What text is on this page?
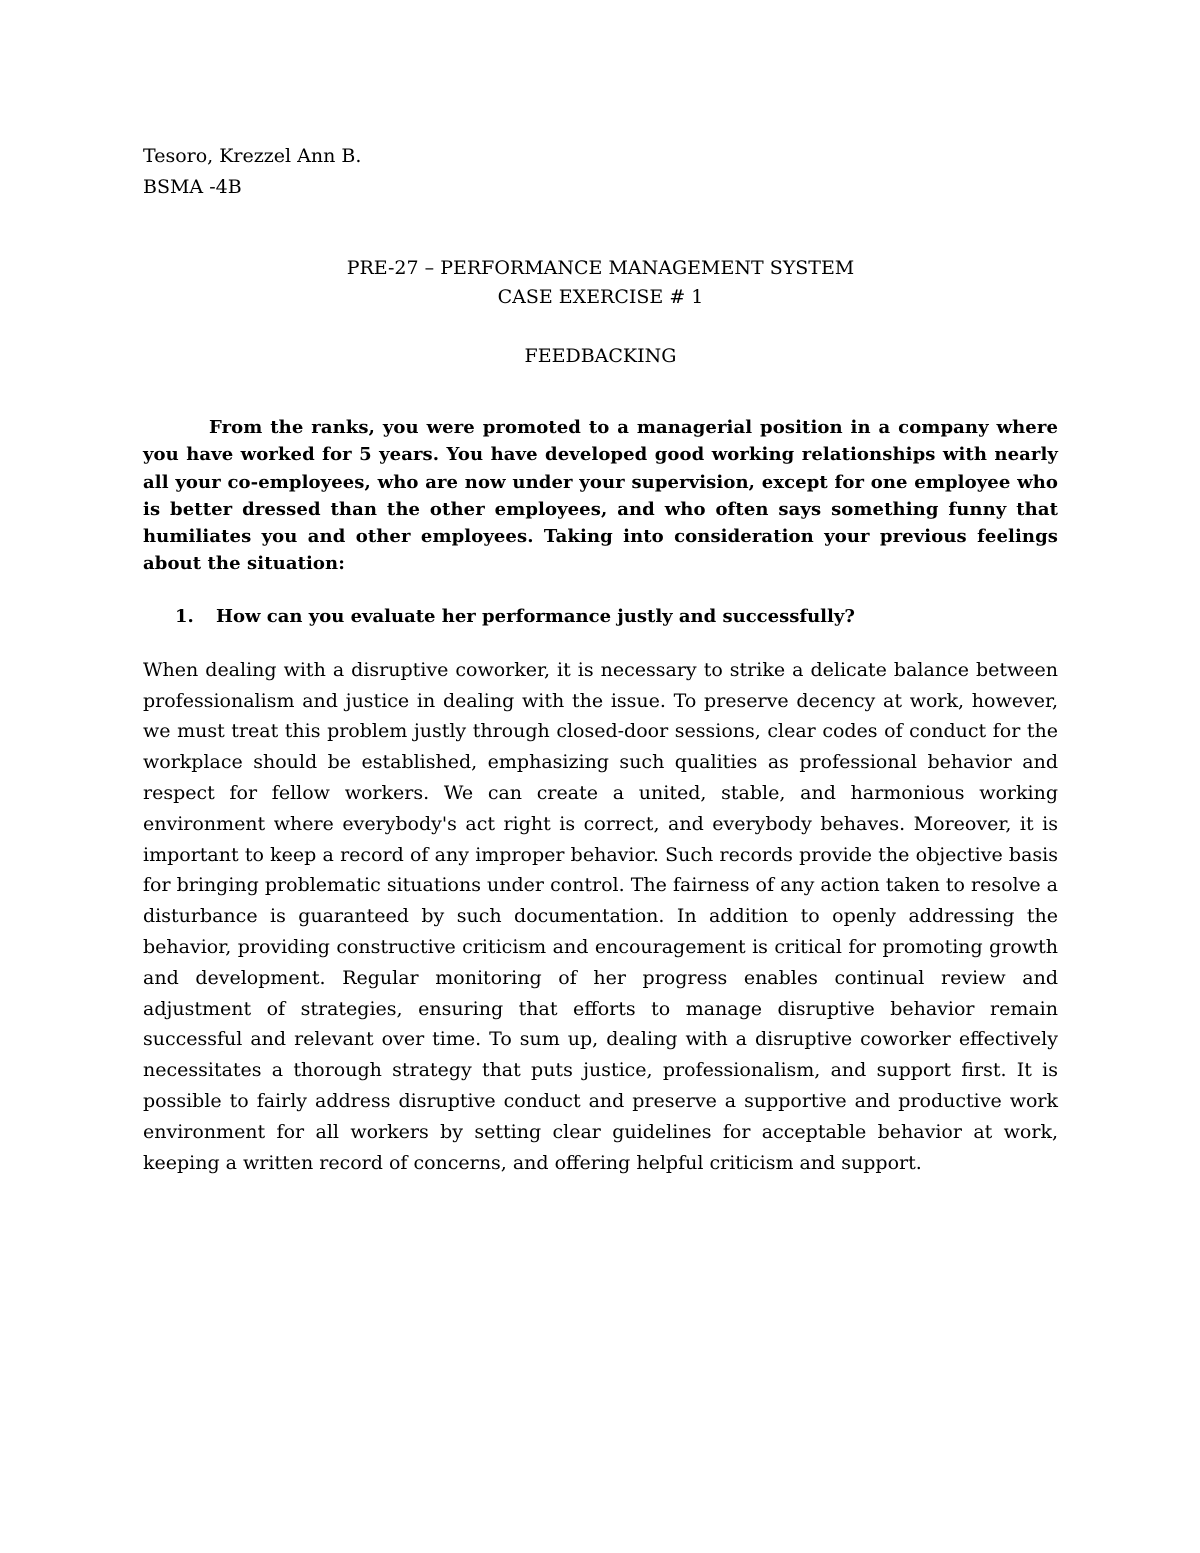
Tesoro, Krezzel Ann B.

BSMA -4B

PRE-27 – PERFORMANCE MANAGEMENT SYSTEM

CASE EXERCISE # 1

FEEDBACKING

From the ranks, you were promoted to a managerial position in a company where you have worked for 5 years. You have developed good working relationships with nearly all your co-employees, who are now under your supervision, except for one employee who is better dressed than the other employees, and who often says something funny that humiliates you and other employees. Taking into consideration your previous feelings about the situation:

1.	How can you evaluate her performance justly and successfully?

When dealing with a disruptive coworker, it is necessary to strike a delicate balance between professionalism and justice in dealing with the issue. To preserve decency at work, however, we must treat this problem justly through closed-door sessions, clear codes of conduct for the workplace should be established, emphasizing such qualities as professional behavior and respect for fellow workers. We can create a united, stable, and harmonious working environment where everybody's act right is correct, and everybody behaves. Moreover, it is important to keep a record of any improper behavior. Such records provide the objective basis for bringing problematic situations under control. The fairness of any action taken to resolve a disturbance is guaranteed by such documentation. In addition to openly addressing the behavior, providing constructive criticism and encouragement is critical for promoting growth and development. Regular monitoring of her progress enables continual review and adjustment of strategies, ensuring that efforts to manage disruptive behavior remain successful and relevant over time. To sum up, dealing with a disruptive coworker effectively necessitates a thorough strategy that puts justice, professionalism, and support first. It is possible to fairly address disruptive conduct and preserve a supportive and productive work environment for all workers by setting clear guidelines for acceptable behavior at work, keeping a written record of concerns, and offering helpful criticism and support.
